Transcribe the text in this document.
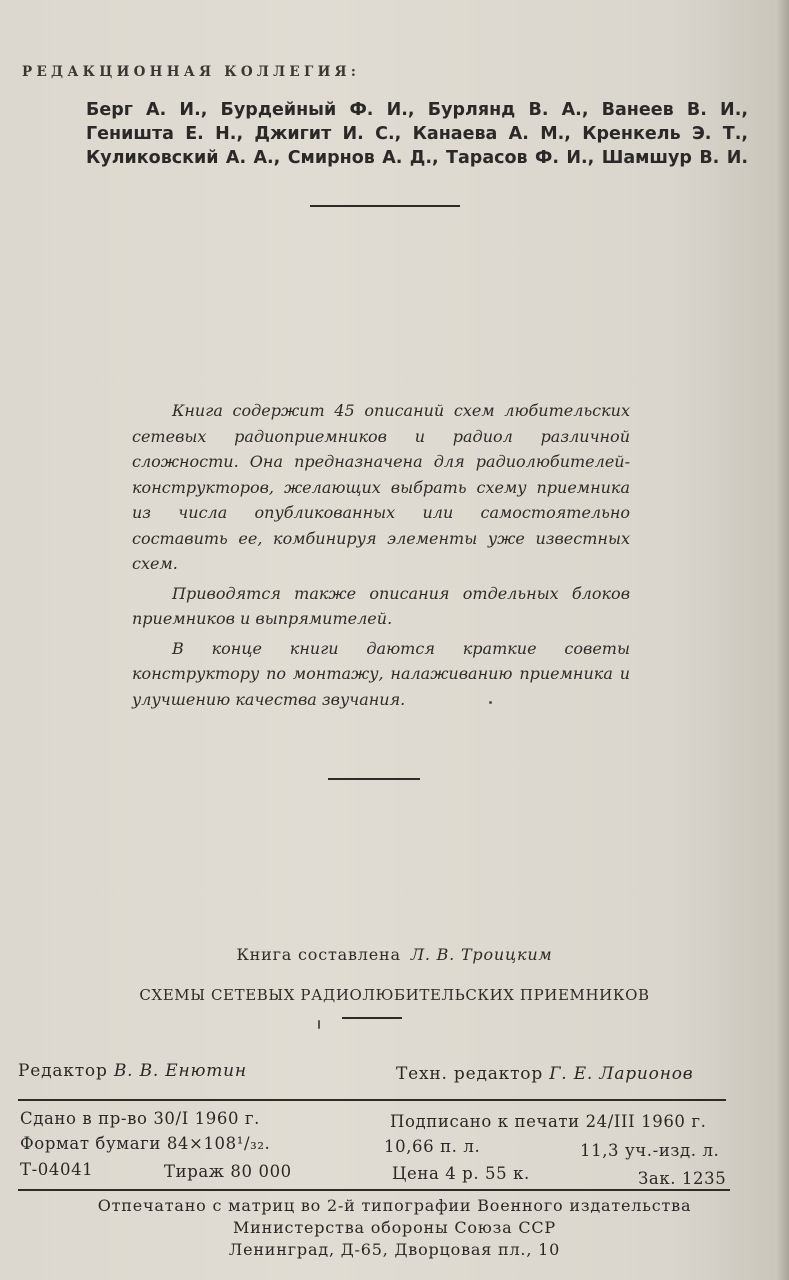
РЕДАКЦИОННАЯ КОЛЛЕГИЯ:
Берг А. И., Бурдейный Ф. И., Бурлянд В. А., Ванеев В. И.,
Геништа Е. Н., Джигит И. С., Канаева А. М., Кренкель Э. Т.,
Куликовский А. А., Смирнов А. Д., Тарасов Ф. И., Шамшур В. И.

Книга содержит 45 описаний схем любительских сетевых радиоприемников и радиол различной сложности. Она предназначена для радиолюбителей-конструкторов, желающих выбрать схему приемника из числа опубликованных или самостоятельно составить ее, комбинируя элементы уже известных схем.

Приводятся также описания отдельных блоков приемников и выпрямителей.

В конце книги даются краткие советы конструктору по монтажу, налаживанию приемника и улучшению качества звучания.

Книга составлена Л. В. Троицким
СХЕМЫ СЕТЕВЫХ РАДИОЛЮБИТЕЛЬСКИХ ПРИЕМНИКОВ
Редактор В. В. Енютин	Техн. редактор Г. Е. Ларионов
Сдано в пр-во 30/I 1960 г.	Подписано к печати 24/III 1960 г.
Формат бумаги 84×108¹/₃₂.	10,66 п. л.	11,3 уч.-изд. л.
Т-04041	Тираж 80 000	Цена 4 р. 55 к.	Зак. 1235
Отпечатано с матриц во 2-й типографии Военного издательства
Министерства обороны Союза ССР
Ленинград, Д-65, Дворцовая пл., 10
